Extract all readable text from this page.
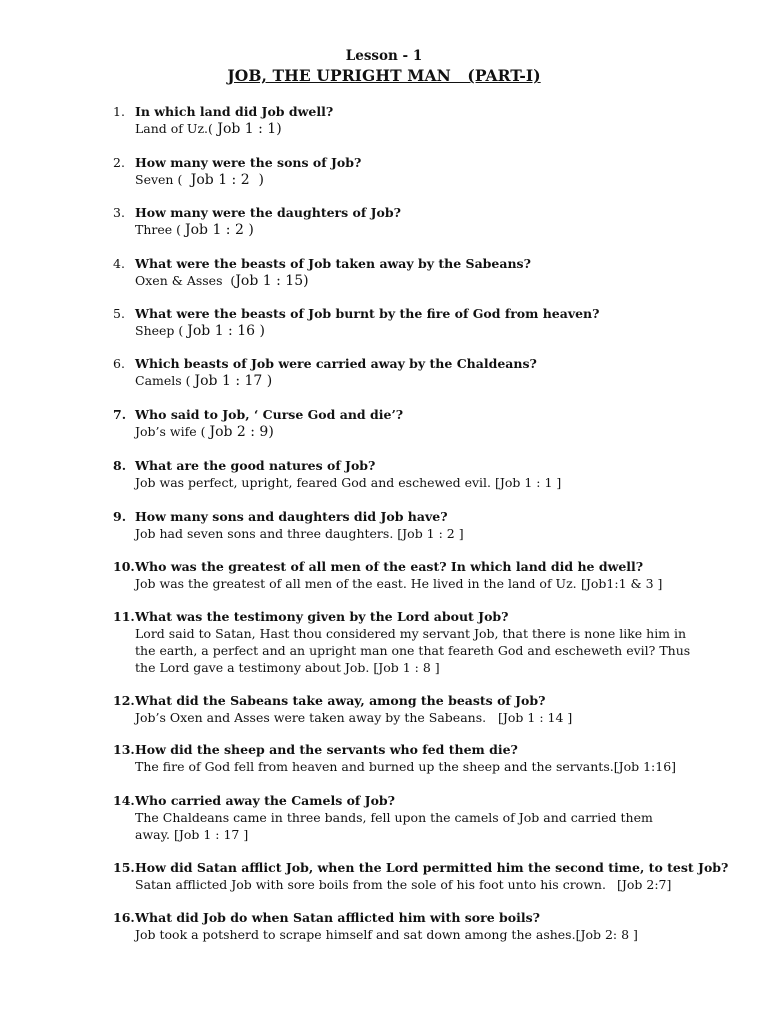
Lesson - 1
JOB, THE UPRIGHT MAN   (PART-I)
1. In which land did Job dwell?
Land of Uz.( Job 1 : 1)
2. How many were the sons of Job?
Seven (  Job 1 : 2  )
3. How many were the daughters of Job?
Three ( Job 1 : 2 )
4. What were the beasts of Job taken away by the Sabeans?
Oxen & Asses  (Job 1 : 15)
5. What were the beasts of Job burnt by the fire of God from heaven?
Sheep ( Job 1 : 16 )
6. Which beasts of Job were carried away by the Chaldeans?
Camels ( Job 1 : 17 )
7. Who said to Job, ‘ Curse God and die’?
Job’s wife ( Job 2 : 9)
8. What are the good natures of Job?
Job was perfect, upright, feared God and eschewed evil. [Job 1 : 1 ]
9. How many sons and daughters did Job have?
Job had seven sons and three daughters. [Job 1 : 2 ]
10. Who was the greatest of all men of the east? In which land did he dwell?
Job was the greatest of all men of the east. He lived in the land of Uz. [Job1:1 & 3 ]
11. What was the testimony given by the Lord about Job?
Lord said to Satan, Hast thou considered my servant Job, that there is none like him in the earth, a perfect and an upright man one that feareth God and escheweth evil? Thus the Lord gave a testimony about Job. [Job 1 : 8 ]
12. What did the Sabeans take away, among the beasts of Job?
Job’s Oxen and Asses were taken away by the Sabeans.   [Job 1 : 14 ]
13. How did the sheep and the servants who fed them die?
The fire of God fell from heaven and burned up the sheep and the servants.[Job 1:16]
14. Who carried away the Camels of Job?
The Chaldeans came in three bands, fell upon the camels of Job and carried them away. [Job 1 : 17 ]
15. How did Satan afflict Job, when the Lord permitted him the second time, to test Job?
Satan afflicted Job with sore boils from the sole of his foot unto his crown. [Job 2:7]
16. What did Job do when Satan afflicted him with sore boils?
Job took a potsherd to scrape himself and sat down among the ashes.[Job 2: 8 ]
